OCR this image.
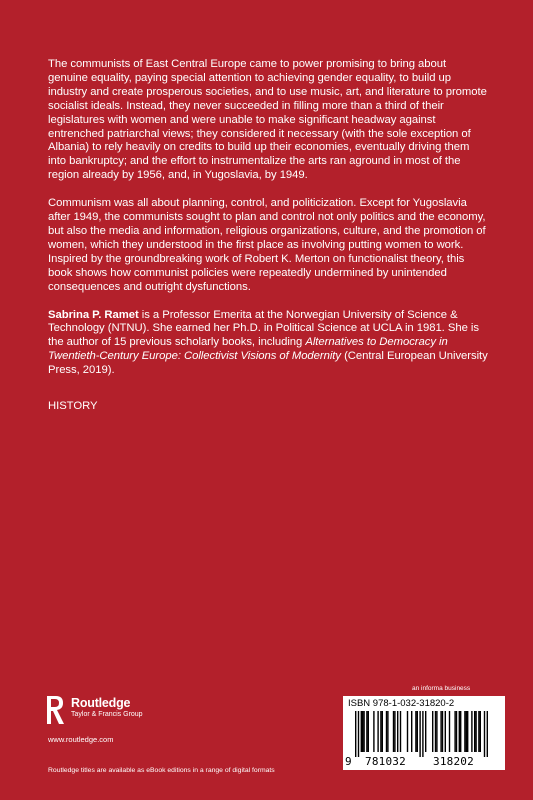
The communists of East Central Europe came to power promising to bring about genuine equality, paying special attention to achieving gender equality, to build up industry and create prosperous societies, and to use music, art, and literature to promote socialist ideals. Instead, they never succeeded in filling more than a third of their legislatures with women and were unable to make significant headway against entrenched patriarchal views; they considered it necessary (with the sole exception of Albania) to rely heavily on credits to build up their economies, eventually driving them into bankruptcy; and the effort to instrumentalize the arts ran aground in most of the region already by 1956, and, in Yugoslavia, by 1949.

Communism was all about planning, control, and politicization. Except for Yugoslavia after 1949, the communists sought to plan and control not only politics and the economy, but also the media and information, religious organizations, culture, and the promotion of women, which they understood in the first place as involving putting women to work. Inspired by the groundbreaking work of Robert K. Merton on functionalist theory, this book shows how communist policies were repeatedly undermined by unintended consequences and outright dysfunctions.

Sabrina P. Ramet is a Professor Emerita at the Norwegian University of Science & Technology (NTNU). She earned her Ph.D. in Political Science at UCLA in 1981. She is the author of 15 previous scholarly books, including Alternatives to Democracy in Twentieth-Century Europe: Collectivist Visions of Modernity (Central European University Press, 2019).

HISTORY

Routledge
Taylor & Francis Group
www.routledge.com
Routledge titles are available as eBook editions in a range of digital formats
an informa business
ISBN 978-1-032-31820-2
9 781032 318202
